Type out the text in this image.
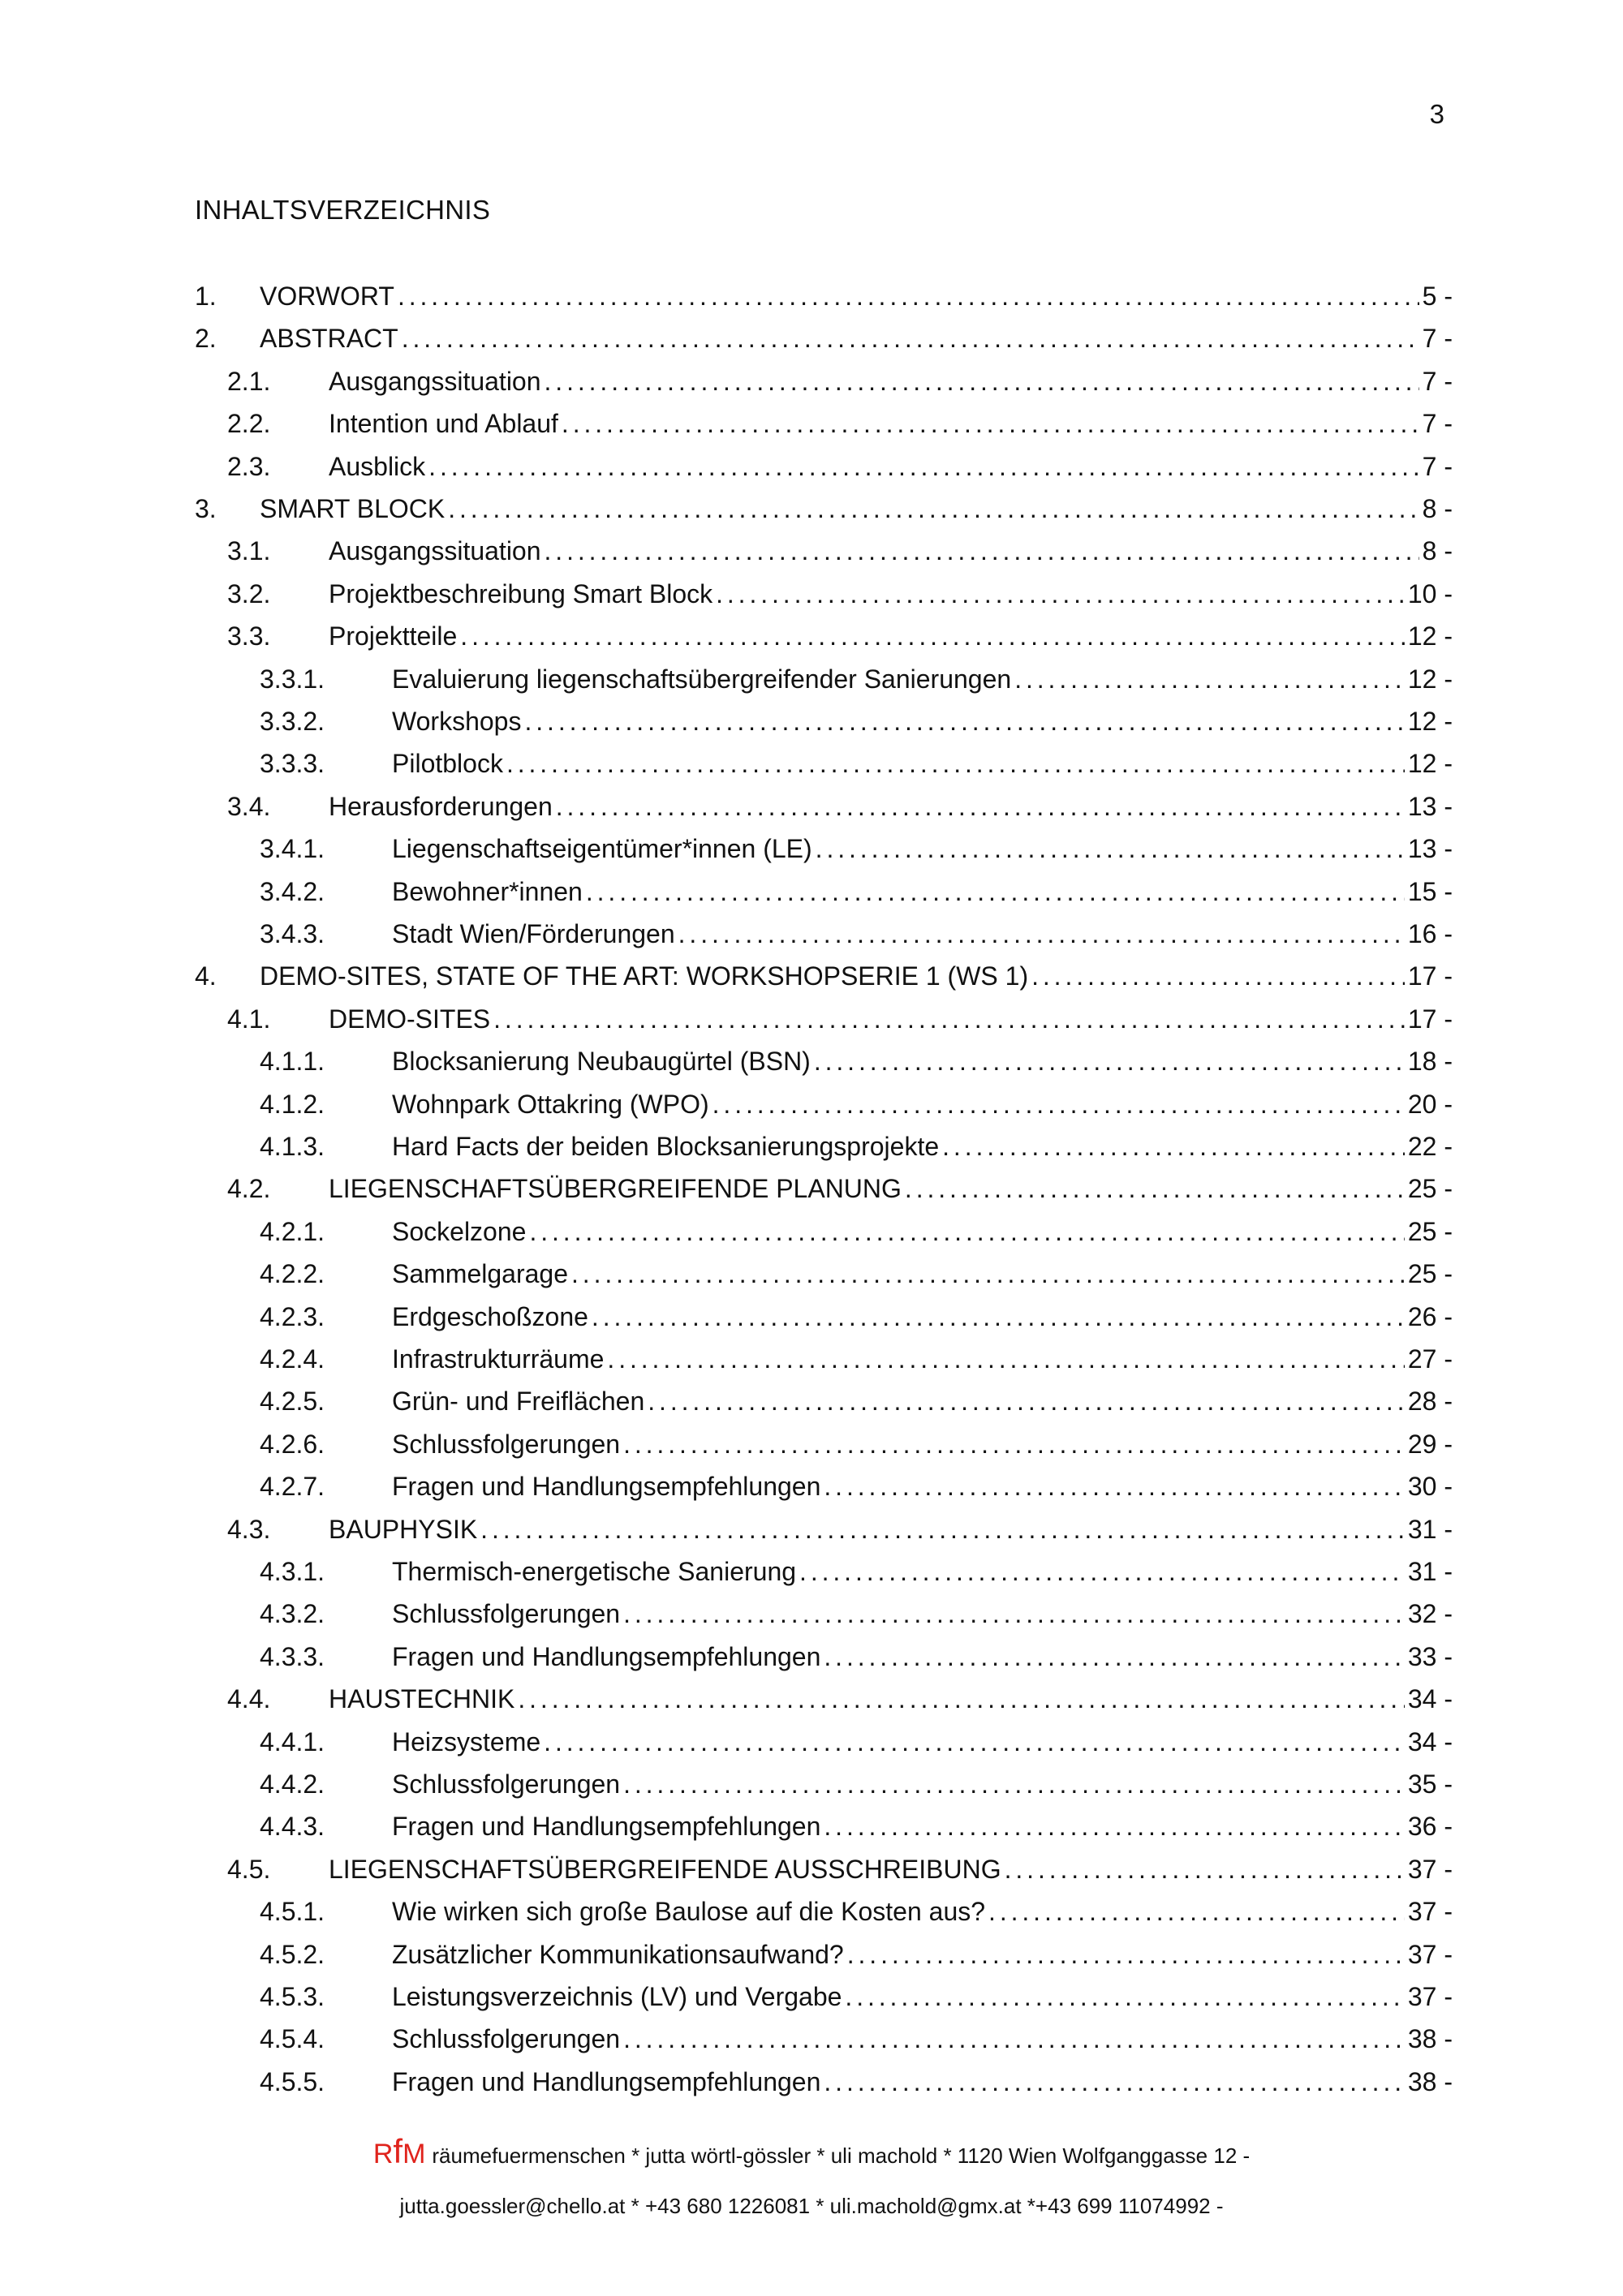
3
INHALTSVERZEICHNIS
1. VORWORT . . .	5 -
2. ABSTRACT . . .	7 -
2.1. Ausgangssituation . . .	7 -
2.2. Intention und Ablauf . . .	7 -
2.3. Ausblick . . .	7 -
3. SMART BLOCK . . .	8 -
3.1. Ausgangssituation . . .	8 -
3.2. Projektbeschreibung Smart Block . . .	10 -
3.3. Projektteile . . .	12 -
3.3.1.	Evaluierung liegenschaftsübergreifender Sanierungen . . .	12 -
3.3.2.	Workshops . . .	12 -
3.3.3.	Pilotblock . . .	12 -
3.4. Herausforderungen . . .	13 -
3.4.1.	Liegenschaftseigentümer*innen (LE) . . .	13 -
3.4.2.	Bewohner*innen . . .	15 -
3.4.3.	Stadt Wien/Förderungen . . .	16 -
4. DEMO-SITES, STATE OF THE ART: WORKSHOPSERIE 1 (WS 1) . . .	17 -
4.1. DEMO-SITES . . .	17 -
4.1.1.	Blocksanierung Neubaugürtel (BSN) . . .	18 -
4.1.2.	Wohnpark Ottakring (WPO) . . .	20 -
4.1.3.	Hard Facts der beiden Blocksanierungsprojekte . . .	22 -
4.2. LIEGENSCHAFTSÜBERGREIFENDE PLANUNG . . .	25 -
4.2.1.	Sockelzone . . .	25 -
4.2.2.	Sammelgarage . . .	25 -
4.2.3.	Erdgeschoßzone . . .	26 -
4.2.4.	Infrastrukturräume . . .	27 -
4.2.5.	Grün- und Freiflächen . . .	28 -
4.2.6.	Schlussfolgerungen . . .	29 -
4.2.7.	Fragen und Handlungsempfehlungen . . .	30 -
4.3. BAUPHYSIK . . .	31 -
4.3.1.	Thermisch-energetische Sanierung . . .	31 -
4.3.2.	Schlussfolgerungen . . .	32 -
4.3.3.	Fragen und Handlungsempfehlungen . . .	33 -
4.4. HAUSTECHNIK . . .	34 -
4.4.1.	Heizsysteme . . .	34 -
4.4.2.	Schlussfolgerungen . . .	35 -
4.4.3.	Fragen und Handlungsempfehlungen . . .	36 -
4.5. LIEGENSCHAFTSÜBERGREIFENDE AUSSCHREIBUNG . . .	37 -
4.5.1.	Wie wirken sich große Baulose auf die Kosten aus? . . .	37 -
4.5.2.	Zusätzlicher Kommunikationsaufwand? . . .	37 -
4.5.3.	Leistungsverzeichnis (LV) und Vergabe . . .	37 -
4.5.4.	Schlussfolgerungen . . .	38 -
4.5.5.	Fragen und Handlungsempfehlungen . . .	38 -
RfM räumefuermenschen * jutta wörtl-gössler * uli machold * 1120 Wien Wolfganggasse 12 -
jutta.goessler@chello.at * +43 680 1226081 * uli.machold@gmx.at *+43 699 11074992 -
